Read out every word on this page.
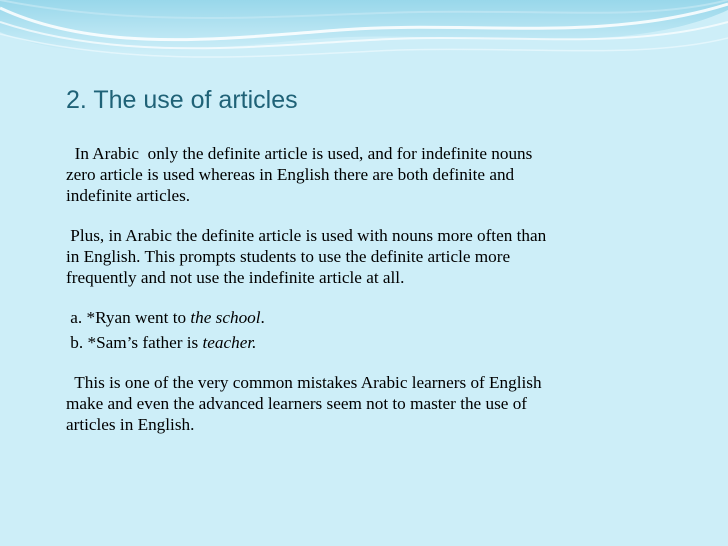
2. The use of articles

In Arabic  only the definite article is used, and for indefinite nouns

zero article is used whereas in English there are both definite and

indefinite articles.

Plus, in Arabic the definite article is used with nouns more often than

in English. This prompts students to use the definite article more

frequently and not use the indefinite article at all.

a. *Ryan went to the school.

b. *Sam’s father is teacher.

This is one of the very common mistakes Arabic learners of English

make and even the advanced learners seem not to master the use of

articles in English.
